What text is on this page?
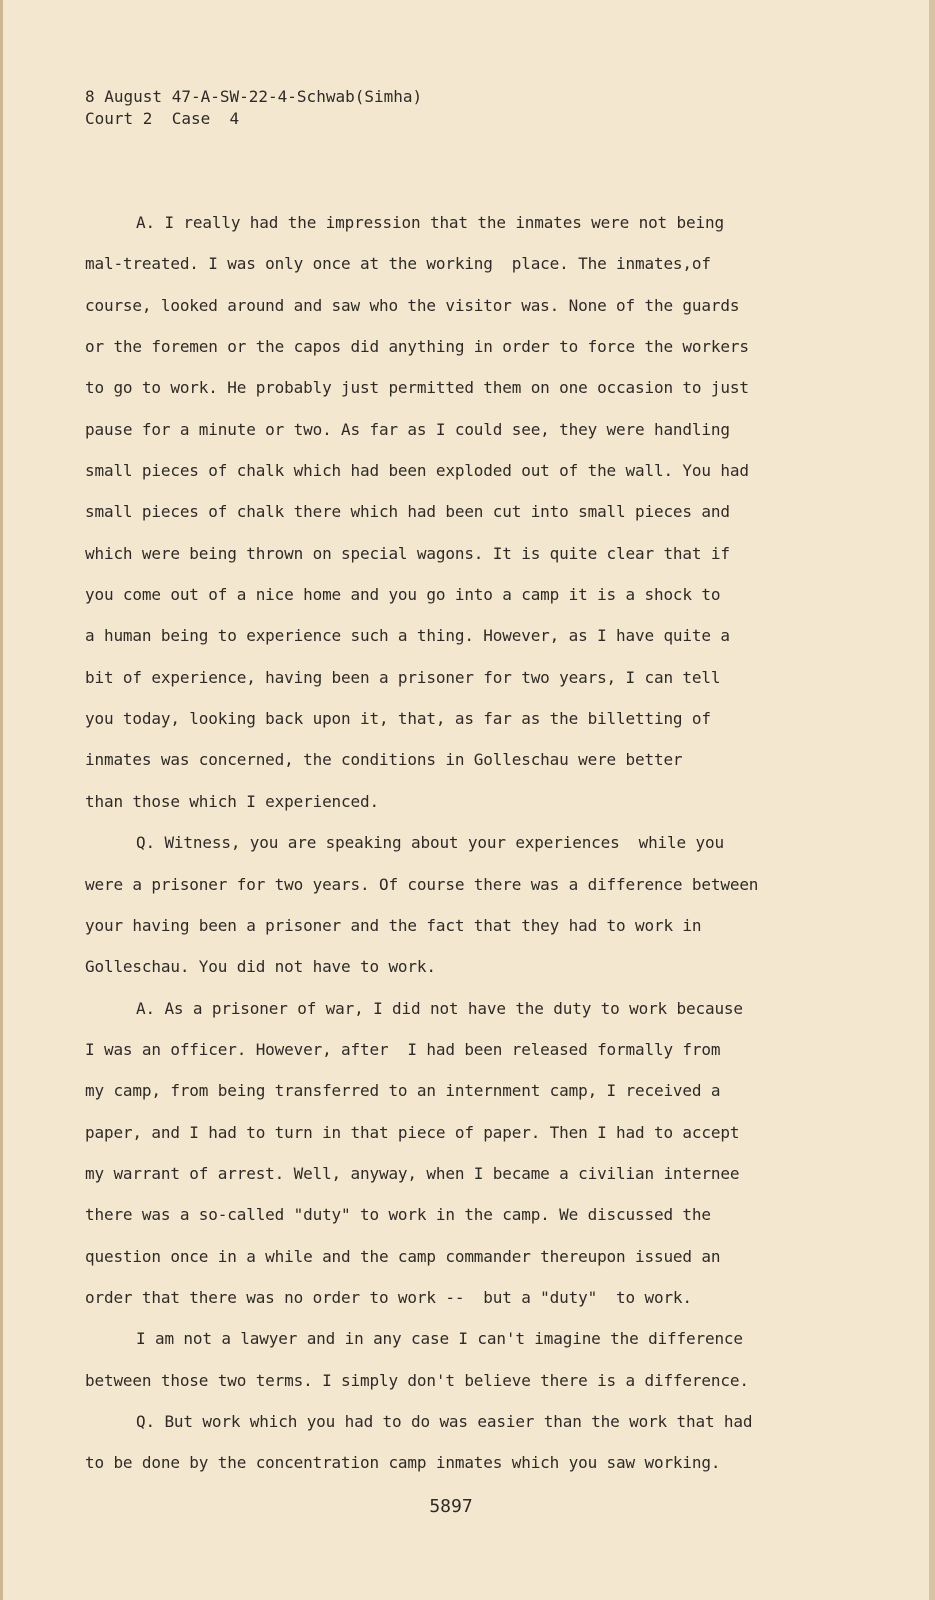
8 August 47-A-SW-22-4-Schwab(Simha)
Court 2  Case  4
A. I really had the impression that the inmates were not being
mal-treated. I was only once at the working  place. The inmates,of
course, looked around and saw who the visitor was. None of the guards
or the foremen or the capos did anything in order to force the workers
to go to work. He probably just permitted them on one occasion to just
pause for a minute or two. As far as I could see, they were handling
small pieces of chalk which had been exploded out of the wall. You had
small pieces of chalk there which had been cut into small pieces and
which were being thrown on special wagons. It is quite clear that if
you come out of a nice home and you go into a camp it is a shock to
a human being to experience such a thing. However, as I have quite a
bit of experience, having been a prisoner for two years, I can tell
you today, looking back upon it, that, as far as the billetting of
inmates was concerned, the conditions in Golleschau were better
than those which I experienced.
Q. Witness, you are speaking about your experiences  while you
were a prisoner for two years. Of course there was a difference between
your having been a prisoner and the fact that they had to work in
Golleschau. You did not have to work.
A. As a prisoner of war, I did not have the duty to work because
I was an officer. However, after  I had been released formally from
my camp, from being transferred to an internment camp, I received a
paper, and I had to turn in that piece of paper. Then I had to accept
my warrant of arrest. Well, anyway, when I became a civilian internee
there was a so-called "duty" to work in the camp. We discussed the
question once in a while and the camp commander thereupon issued an
order that there was no order to work --  but a "duty"  to work.
I am not a lawyer and in any case I can't imagine the difference
between those two terms. I simply don't believe there is a difference.
Q. But work which you had to do was easier than the work that had
to be done by the concentration camp inmates which you saw working.
5897
